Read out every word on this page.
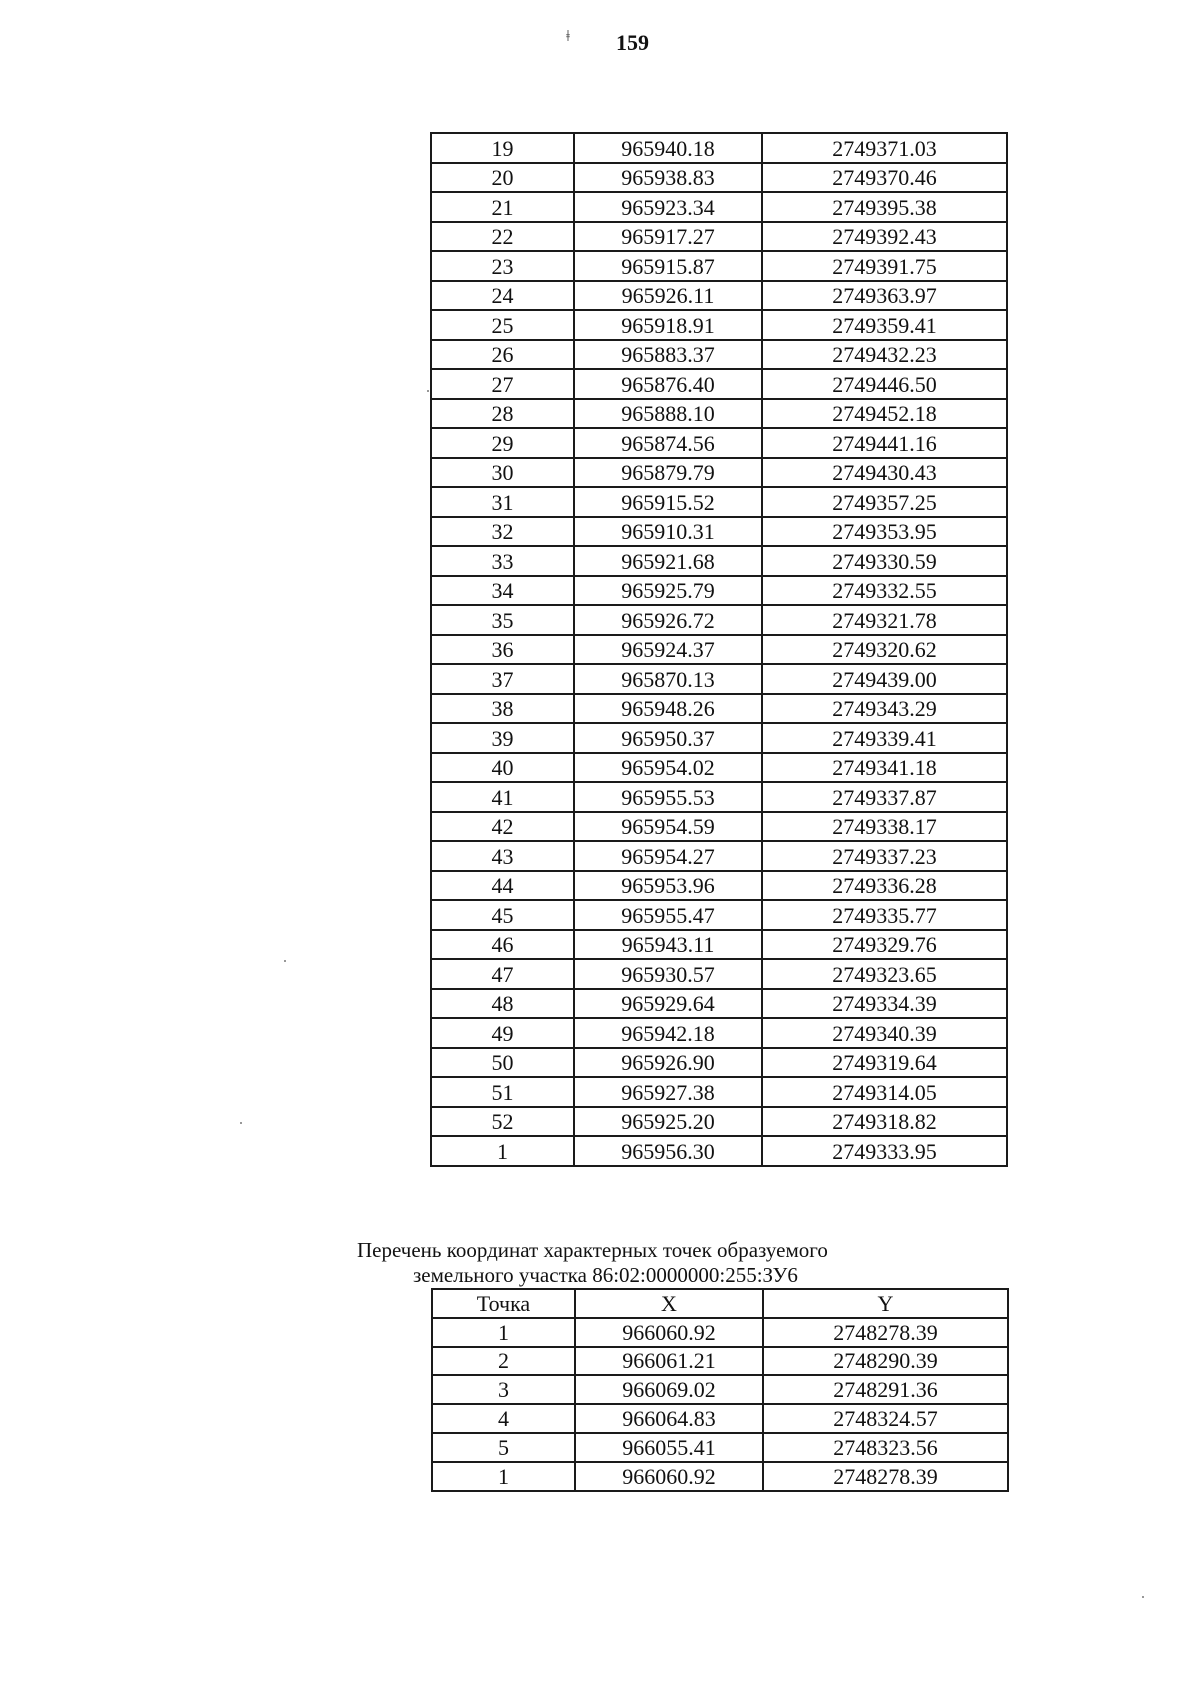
ǂ 159
19	965940.18	2749371.03
20	965938.83	2749370.46
21	965923.34	2749395.38
22	965917.27	2749392.43
23	965915.87	2749391.75
24	965926.11	2749363.97
25	965918.91	2749359.41
26	965883.37	2749432.23
27	965876.40	2749446.50
28	965888.10	2749452.18
29	965874.56	2749441.16
30	965879.79	2749430.43
31	965915.52	2749357.25
32	965910.31	2749353.95
33	965921.68	2749330.59
34	965925.79	2749332.55
35	965926.72	2749321.78
36	965924.37	2749320.62
37	965870.13	2749439.00
38	965948.26	2749343.29
39	965950.37	2749339.41
40	965954.02	2749341.18
41	965955.53	2749337.87
42	965954.59	2749338.17
43	965954.27	2749337.23
44	965953.96	2749336.28
45	965955.47	2749335.77
46	965943.11	2749329.76
47	965930.57	2749323.65
48	965929.64	2749334.39
49	965942.18	2749340.39
50	965926.90	2749319.64
51	965927.38	2749314.05
52	965925.20	2749318.82
1	965956.30	2749333.95
Перечень координат характерных точек образуемого
земельного участка 86:02:0000000:255:ЗУ6
Точка	X	Y
1	966060.92	2748278.39
2	966061.21	2748290.39
3	966069.02	2748291.36
4	966064.83	2748324.57
5	966055.41	2748323.56
1	966060.92	2748278.39
